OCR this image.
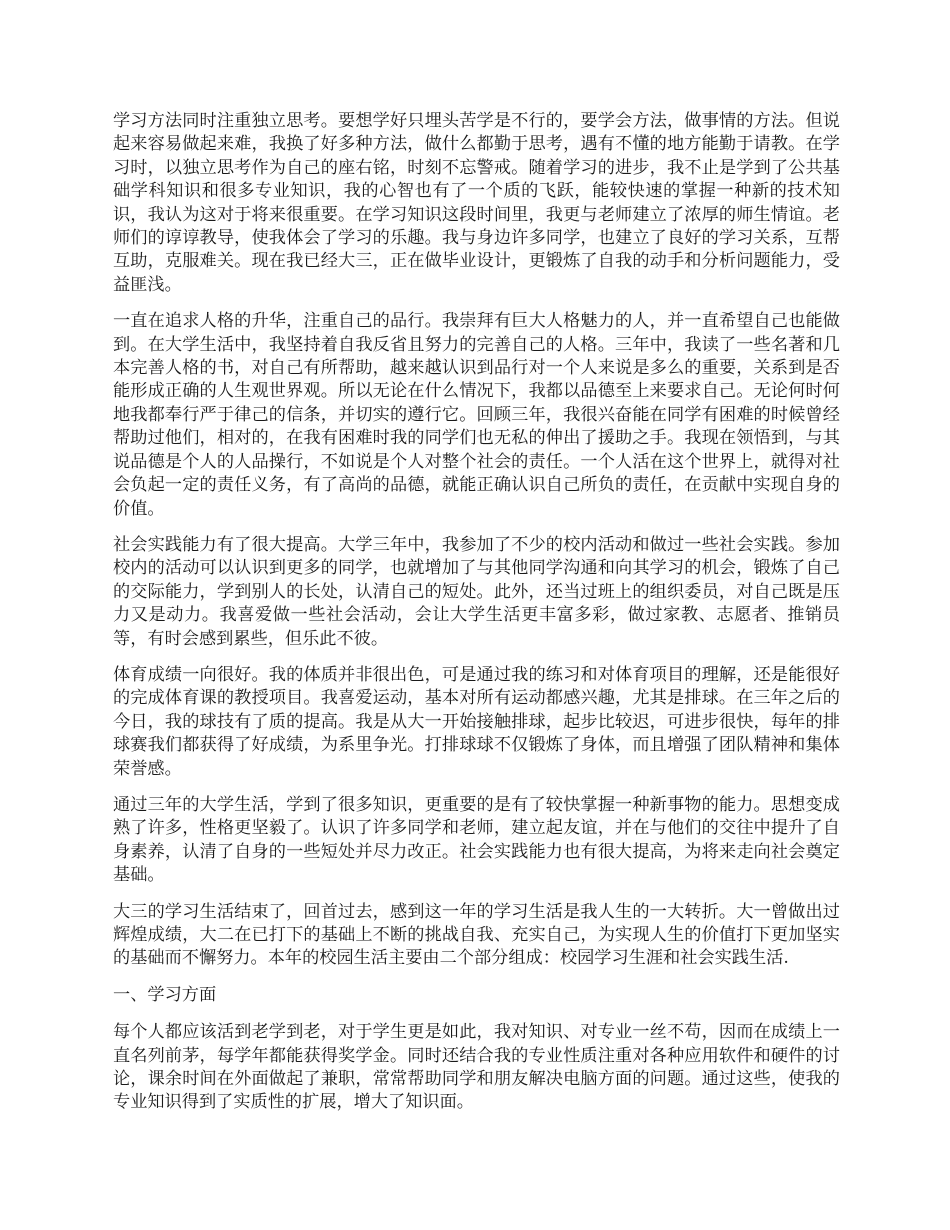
学习方法同时注重独立思考。要想学好只埋头苦学是不行的，要学会方法，做事情的方法。但说起来容易做起来难，我换了好多种方法，做什么都勤于思考，遇有不懂的地方能勤于请教。在学习时，以独立思考作为自己的座右铭，时刻不忘警戒。随着学习的进步，我不止是学到了公共基础学科知识和很多专业知识，我的心智也有了一个质的飞跃，能较快速的掌握一种新的技术知识，我认为这对于将来很重要。在学习知识这段时间里，我更与老师建立了浓厚的师生情谊。老师们的谆谆教导，使我体会了学习的乐趣。我与身边许多同学，也建立了良好的学习关系，互帮互助，克服难关。现在我已经大三，正在做毕业设计，更锻炼了自我的动手和分析问题能力，受益匪浅。

一直在追求人格的升华，注重自己的品行。我崇拜有巨大人格魅力的人，并一直希望自己也能做到。在大学生活中，我坚持着自我反省且努力的完善自己的人格。三年中，我读了一些名著和几本完善人格的书，对自己有所帮助，越来越认识到品行对一个人来说是多么的重要，关系到是否能形成正确的人生观世界观。所以无论在什么情况下，我都以品德至上来要求自己。无论何时何地我都奉行严于律己的信条，并切实的遵行它。回顾三年，我很兴奋能在同学有困难的时候曾经帮助过他们，相对的，在我有困难时我的同学们也无私的伸出了援助之手。我现在领悟到，与其说品德是个人的人品操行，不如说是个人对整个社会的责任。一个人活在这个世界上，就得对社会负起一定的责任义务，有了高尚的品德，就能正确认识自己所负的责任，在贡献中实现自身的价值。

社会实践能力有了很大提高。大学三年中，我参加了不少的校内活动和做过一些社会实践。参加校内的活动可以认识到更多的同学，也就增加了与其他同学沟通和向其学习的机会，锻炼了自己的交际能力，学到别人的长处，认清自己的短处。此外，还当过班上的组织委员，对自己既是压力又是动力。我喜爱做一些社会活动，会让大学生活更丰富多彩，做过家教、志愿者、推销员等，有时会感到累些，但乐此不彼。

体育成绩一向很好。我的体质并非很出色，可是通过我的练习和对体育项目的理解，还是能很好的完成体育课的教授项目。我喜爱运动，基本对所有运动都感兴趣，尤其是排球。在三年之后的今日，我的球技有了质的提高。我是从大一开始接触排球，起步比较迟，可进步很快，每年的排球赛我们都获得了好成绩，为系里争光。打排球球不仅锻炼了身体，而且增强了团队精神和集体荣誉感。

通过三年的大学生活，学到了很多知识，更重要的是有了较快掌握一种新事物的能力。思想变成熟了许多，性格更坚毅了。认识了许多同学和老师，建立起友谊，并在与他们的交往中提升了自身素养，认清了自身的一些短处并尽力改正。社会实践能力也有很大提高，为将来走向社会奠定基础。

大三的学习生活结束了，回首过去，感到这一年的学习生活是我人生的一大转折。大一曾做出过辉煌成绩，大二在已打下的基础上不断的挑战自我、充实自己，为实现人生的价值打下更加坚实的基础而不懈努力。本年的校园生活主要由二个部分组成：校园学习生涯和社会实践生活.

一、学习方面

每个人都应该活到老学到老，对于学生更是如此，我对知识、对专业一丝不苟，因而在成绩上一直名列前茅，每学年都能获得奖学金。同时还结合我的专业性质注重对各种应用软件和硬件的讨论，课余时间在外面做起了兼职，常常帮助同学和朋友解决电脑方面的问题。通过这些，使我的专业知识得到了实质性的扩展，增大了知识面。
